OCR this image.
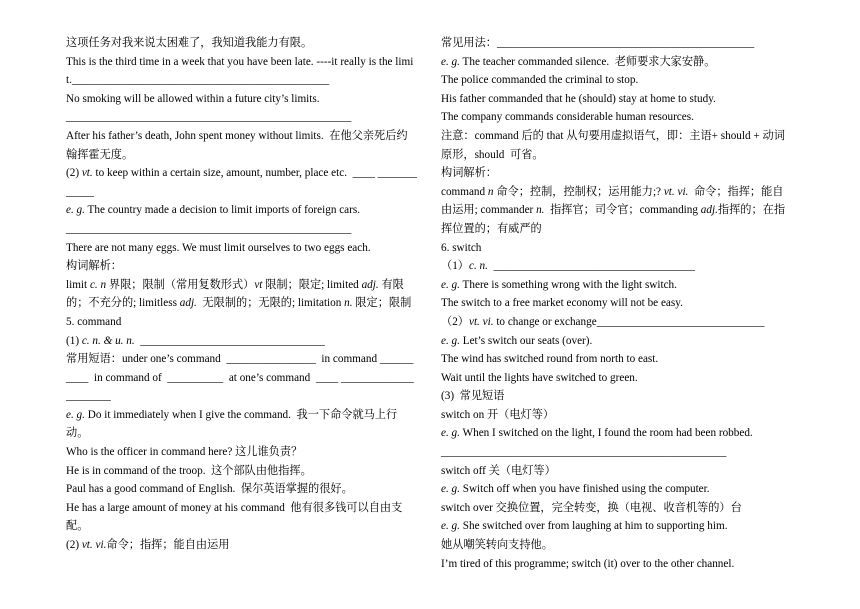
这项任务对我来说太困难了，我知道我能力有限。
This is the third time in a week that you have been late. ----it really is the limit.______________________________________________
No smoking will be allowed within a future city’s limits.
___________________________________________________
After his father’s death, John spent money without limits.  在他父亲死后约翰挥霍无度。
(2) vt. to keep within a certain size, amount, number, place etc.  ____ ____________
e. g. The country made a decision to limit imports of foreign cars.
___________________________________________________
There are not many eggs. We must limit ourselves to two eggs each.
构词解析：
limit c. n 界限；限制（常用复数形式）vt 限制；限定; limited adj. 有限的；不充分的; limitless adj.  无限制的；无限的; limitation n. 限定；限制
5. command
(1) c. n. & u. n.  _________________________________
常用短语：under one’s command  ________________  in command __________  in command of  __________  at one’s command  ____ _____________________
e. g. Do it immediately when I give the command.  我一下命令就马上行动。
Who is the officer in command here? 这儿谁负责？
He is in command of the troop.  这个部队由他指挥。
Paul has a good command of English.  保尔英语掌握的很好。
He has a large amount of money at his command  他有很多钱可以自由支配。
(2) vt. vi.命令；指挥；能自由运用
常见用法：______________________________________________
e. g. The teacher commanded silence.  老师要求大家安静。
The police commanded the criminal to stop.
His father commanded that he (should) stay at home to study.
The company commands considerable human resources.
注意：command 后的 that 从句要用虚拟语气，即：主语+ should + 动词原形，should  可省。
构词解析：
command n 命令；控制，控制权；运用能力;? vt. vi.  命令；指挥；能自由运用; commander n.  指挥官；司令官；commanding adj.指挥的；在指挥位置的；有威严的
6. switch
（1）c. n.  ____________________________________
e. g. There is something wrong with the light switch.
The switch to a free market economy will not be easy.
（2）vt. vi. to change or exchange______________________________
e. g. Let’s switch our seats (over).
The wind has switched round from north to east.
Wait until the lights have switched to green.
(3)  常见短语
switch on 开（电灯等）
e. g. When I switched on the light, I found the room had been robbed.
___________________________________________________
switch off 关（电灯等）
e. g. Switch off when you have finished using the computer.
switch over 交换位置，完全转变，换（电视、收音机等的）台
e. g. She switched over from laughing at him to supporting him.
她从嘲笑转向支持他。
I’m tired of this programme; switch (it) over to the other channel.
